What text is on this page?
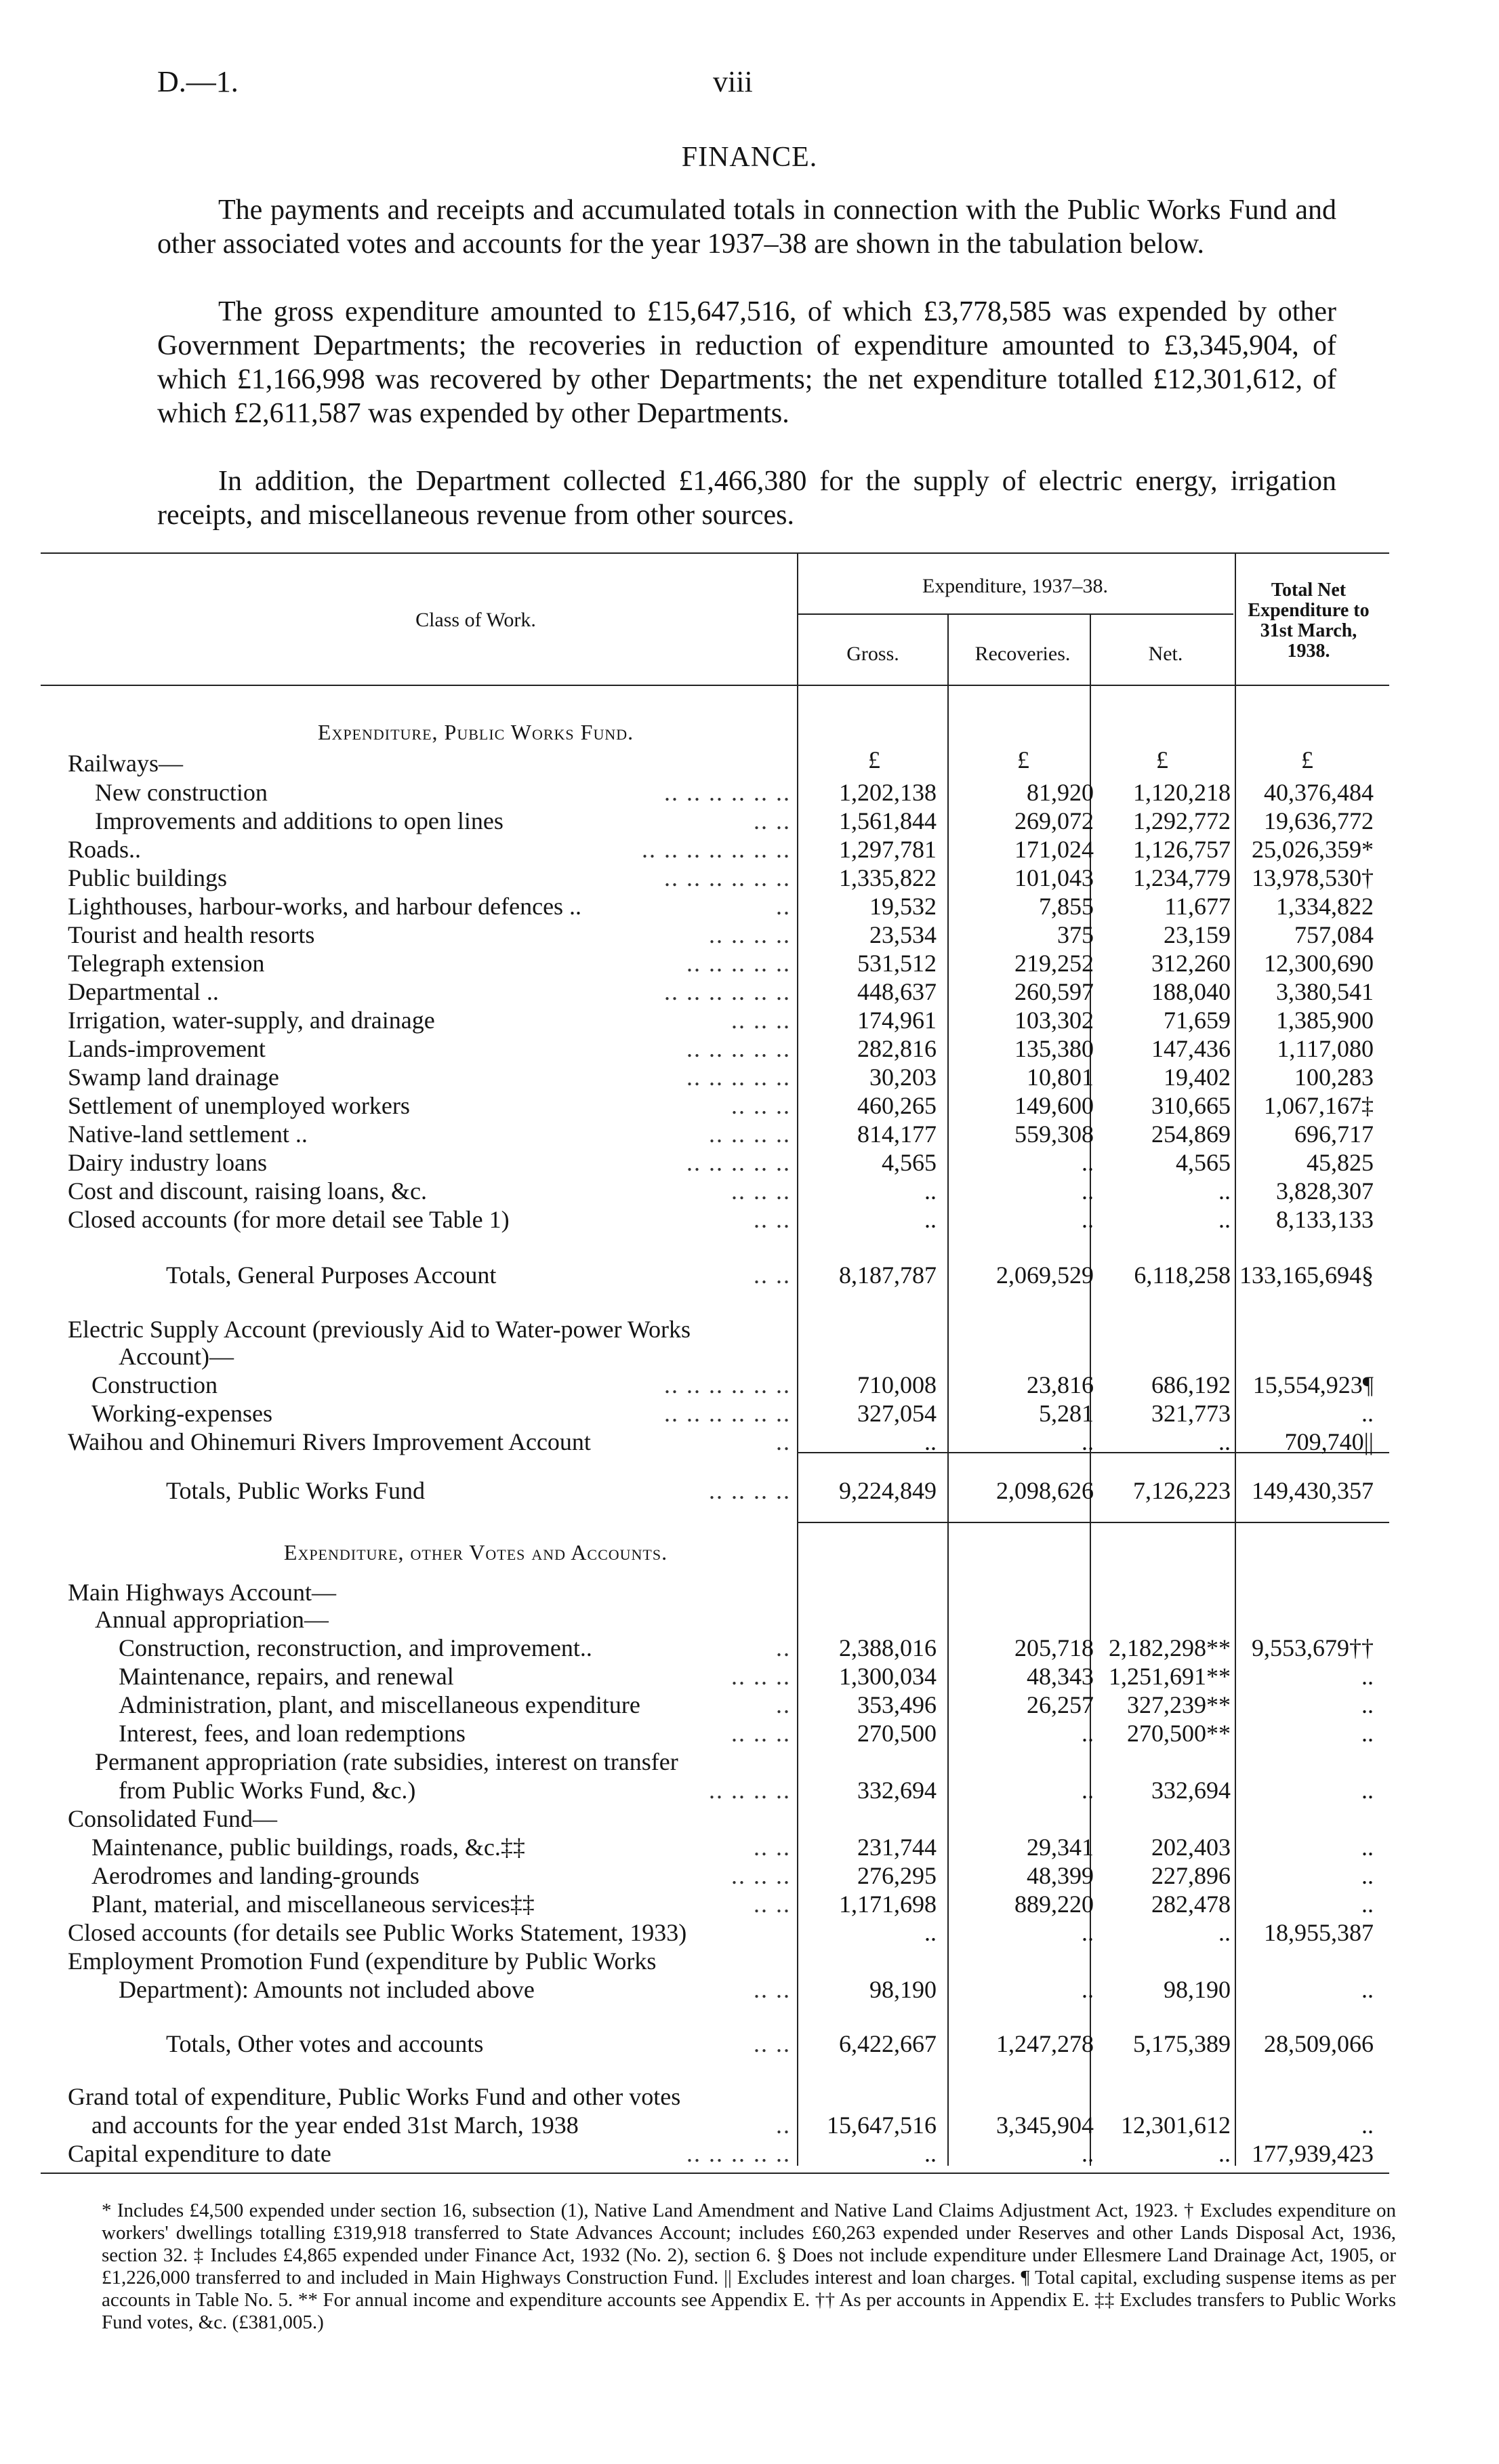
D.—1.	viii
FINANCE.

The payments and receipts and accumulated totals in connection with the Public Works Fund and other associated votes and accounts for the year 1937–38 are shown in the tabulation below.

The gross expenditure amounted to £15,647,516, of which £3,778,585 was expended by other Government Departments; the recoveries in reduction of expenditure amounted to £3,345,904, of which £1,166,998 was recovered by other Departments; the net expenditure totalled £12,301,612, of which £2,611,587 was expended by other Departments.

In addition, the Department collected £1,466,380 for the supply of electric energy, irrigation receipts, and miscellaneous revenue from other sources.

Class of Work.
Expenditure, 1937–38.
Gross.	Recoveries.	Net.
Total Net Expenditure to 31st March, 1938.
Expenditure, Public Works Fund.
Expenditure, other Votes and Accounts.
£	£	£	£
Railways—
New construction	.. .. .. .. .. .. 1,202,138	81,920 1,120,218 40,376,484
Improvements and additions to open lines	.. .. 1,561,844	269,072 1,292,772 19,636,772
Roads..	.. .. .. .. .. .. .. 1,297,781	171,024 1,126,757 25,026,359*
Public buildings	.. .. .. .. .. .. 1,335,822	101,043 1,234,779 13,978,530†
Lighthouses, harbour-works, and harbour defences ..	..	19,532	7,855	11,677 1,334,822
Tourist and health resorts	.. .. .. ..	23,534	375	23,159	757,084
Telegraph extension	.. .. .. .. ..	531,512	219,252 312,260 12,300,690
Departmental ..	.. .. .. .. .. ..	448,637	260,597 188,040 3,380,541
Irrigation, water-supply, and drainage	.. .. ..	174,961	103,302	71,659 1,385,900
Lands-improvement	.. .. .. .. ..	282,816	135,380 147,436 1,117,080
Swamp land drainage	.. .. .. .. ..	30,203	10,801	19,402	100,283
Settlement of unemployed workers	.. .. ..	460,265	149,600 310,665 1,067,167‡
Native-land settlement ..	.. .. .. ..	814,177	559,308 254,869	696,717
Dairy industry loans	.. .. .. .. ..	4,565	..	4,565	45,825
Cost and discount, raising loans, &c.	.. .. ..	..	..	.. 3,828,307
Closed accounts (for more detail see Table 1)	.. ..	..	..	.. 8,133,133
Totals, General Purposes Account	.. .. 8,187,787 2,069,529 6,118,258 133,165,694§
Electric Supply Account (previously Aid to Water-power Works
Account)—
Construction	.. .. .. .. .. ..	710,008	23,816 686,192 15,554,923¶
Working-expenses	.. .. .. .. .. ..	327,054	5,281 321,773	..
Waihou and Ohinemuri Rivers Improvement Account	..	..	..	.. 709,740||
Totals, Public Works Fund	.. .. .. .. 9,224,849 2,098,626 7,126,223 149,430,357
Main Highways Account—
Annual appropriation—
Construction, reconstruction, and improvement..	.. 2,388,016	205,718 2,182,298** 9,553,679††
Maintenance, repairs, and renewal	.. .. .. 1,300,034	48,343 1,251,691**	..
Administration, plant, and miscellaneous expenditure	..	353,496	26,257 327,239**	..
Interest, fees, and loan redemptions	.. .. ..	270,500	.. 270,500**	..
Permanent appropriation (rate subsidies, interest on transfer
from Public Works Fund, &c.)	.. .. .. ..	332,694	.. 332,694	..
Consolidated Fund—
Maintenance, public buildings, roads, &c.‡‡	.. ..	231,744	29,341 202,403	..
Aerodromes and landing-grounds	.. .. ..	276,295	48,399 227,896	..
Plant, material, and miscellaneous services‡‡	.. .. 1,171,698	889,220 282,478	..
Closed accounts (for details see Public Works Statement, 1933)	..	..	.. 18,955,387
Employment Promotion Fund (expenditure by Public Works
Department): Amounts not included above	.. ..	98,190	..	98,190	..
Totals, Other votes and accounts	.. .. 6,422,667 1,247,278 5,175,389 28,509,066
Grand total of expenditure, Public Works Fund and other votes
and accounts for the year ended 31st March, 1938	.. 15,647,516 3,345,904 12,301,612	..
Capital expenditure to date	.. .. .. .. ..	..	..	.. 177,939,423

* Includes £4,500 expended under section 16, subsection (1), Native Land Amendment and Native Land Claims Adjustment Act, 1923. † Excludes expenditure on workers' dwellings totalling £319,918 transferred to State Advances Account; includes £60,263 expended under Reserves and other Lands Disposal Act, 1936, section 32. ‡ Includes £4,865 expended under Finance Act, 1932 (No. 2), section 6. § Does not include expenditure under Ellesmere Land Drainage Act, 1905, or £1,226,000 transferred to and included in Main Highways Construction Fund. || Excludes interest and loan charges. ¶ Total capital, excluding suspense items as per accounts in Table No. 5. ** For annual income and expenditure accounts see Appendix E. †† As per accounts in Appendix E. ‡‡ Excludes transfers to Public Works Fund votes, &c. (£381,005.)
